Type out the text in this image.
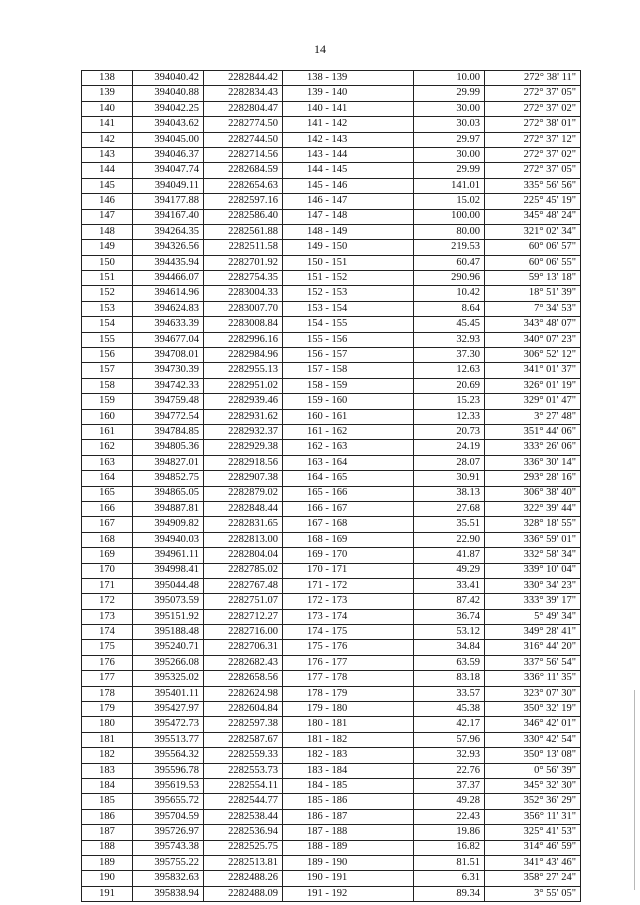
14
138	394040.42	2282844.42	138 - 139	10.00	272° 38' 11"
139	394040.88	2282834.43	139 - 140	29.99	272° 37' 05"
140	394042.25	2282804.47	140 - 141	30.00	272° 37' 02"
141	394043.62	2282774.50	141 - 142	30.03	272° 38' 01"
142	394045.00	2282744.50	142 - 143	29.97	272° 37' 12"
143	394046.37	2282714.56	143 - 144	30.00	272° 37' 02"
144	394047.74	2282684.59	144 - 145	29.99	272° 37' 05"
145	394049.11	2282654.63	145 - 146	141.01	335° 56' 56"
146	394177.88	2282597.16	146 - 147	15.02	225° 45' 19"
147	394167.40	2282586.40	147 - 148	100.00	345° 48' 24"
148	394264.35	2282561.88	148 - 149	80.00	321° 02' 34"
149	394326.56	2282511.58	149 - 150	219.53	60° 06' 57"
150	394435.94	2282701.92	150 - 151	60.47	60° 06' 55"
151	394466.07	2282754.35	151 - 152	290.96	59° 13' 18"
152	394614.96	2283004.33	152 - 153	10.42	18° 51' 39"
153	394624.83	2283007.70	153 - 154	8.64	7° 34' 53"
154	394633.39	2283008.84	154 - 155	45.45	343° 48' 07"
155	394677.04	2282996.16	155 - 156	32.93	340° 07' 23"
156	394708.01	2282984.96	156 - 157	37.30	306° 52' 12"
157	394730.39	2282955.13	157 - 158	12.63	341° 01' 37"
158	394742.33	2282951.02	158 - 159	20.69	326° 01' 19"
159	394759.48	2282939.46	159 - 160	15.23	329° 01' 47"
160	394772.54	2282931.62	160 - 161	12.33	3° 27' 48"
161	394784.85	2282932.37	161 - 162	20.73	351° 44' 06"
162	394805.36	2282929.38	162 - 163	24.19	333° 26' 06"
163	394827.01	2282918.56	163 - 164	28.07	336° 30' 14"
164	394852.75	2282907.38	164 - 165	30.91	293° 28' 16"
165	394865.05	2282879.02	165 - 166	38.13	306° 38' 40"
166	394887.81	2282848.44	166 - 167	27.68	322° 39' 44"
167	394909.82	2282831.65	167 - 168	35.51	328° 18' 55"
168	394940.03	2282813.00	168 - 169	22.90	336° 59' 01"
169	394961.11	2282804.04	169 - 170	41.87	332° 58' 34"
170	394998.41	2282785.02	170 - 171	49.29	339° 10' 04"
171	395044.48	2282767.48	171 - 172	33.41	330° 34' 23"
172	395073.59	2282751.07	172 - 173	87.42	333° 39' 17"
173	395151.92	2282712.27	173 - 174	36.74	5° 49' 34"
174	395188.48	2282716.00	174 - 175	53.12	349° 28' 41"
175	395240.71	2282706.31	175 - 176	34.84	316° 44' 20"
176	395266.08	2282682.43	176 - 177	63.59	337° 56' 54"
177	395325.02	2282658.56	177 - 178	83.18	336° 11' 35"
178	395401.11	2282624.98	178 - 179	33.57	323° 07' 30"
179	395427.97	2282604.84	179 - 180	45.38	350° 32' 19"
180	395472.73	2282597.38	180 - 181	42.17	346° 42' 01"
181	395513.77	2282587.67	181 - 182	57.96	330° 42' 54"
182	395564.32	2282559.33	182 - 183	32.93	350° 13' 08"
183	395596.78	2282553.73	183 - 184	22.76	0° 56' 39"
184	395619.53	2282554.11	184 - 185	37.37	345° 32' 30"
185	395655.72	2282544.77	185 - 186	49.28	352° 36' 29"
186	395704.59	2282538.44	186 - 187	22.43	356° 11' 31"
187	395726.97	2282536.94	187 - 188	19.86	325° 41' 53"
188	395743.38	2282525.75	188 - 189	16.82	314° 46' 59"
189	395755.22	2282513.81	189 - 190	81.51	341° 43' 46"
190	395832.63	2282488.26	190 - 191	6.31	358° 27' 24"
191	395838.94	2282488.09	191 - 192	89.34	3° 55' 05"
